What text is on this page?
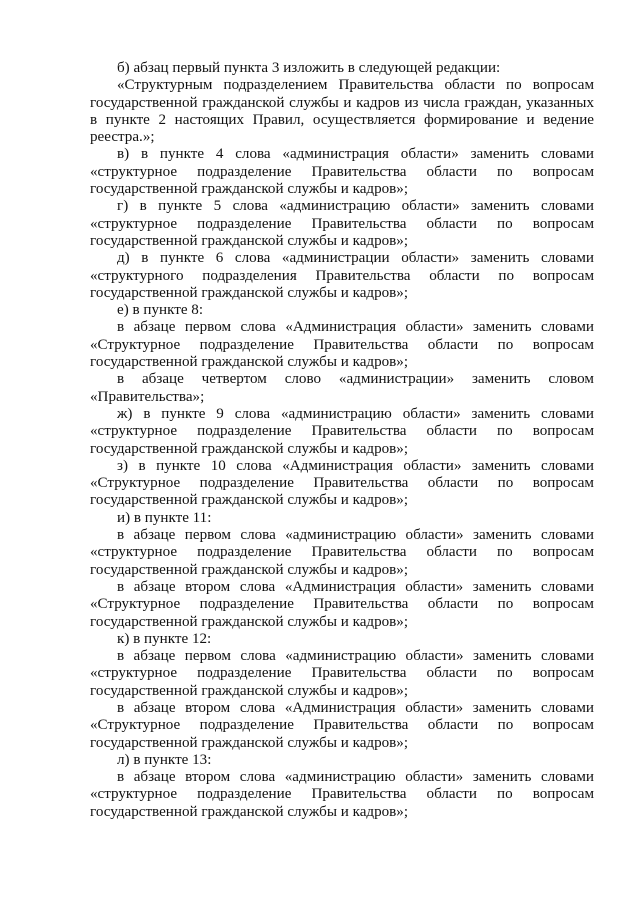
б) абзац первый пункта 3 изложить в следующей редакции:

«Структурным подразделением Правительства области по вопросам государственной гражданской службы и кадров из числа граждан, указанных в пункте 2 настоящих Правил, осуществляется формирование и ведение реестра.»;

в) в пункте 4 слова «администрация области» заменить словами «структурное подразделение Правительства области по вопросам государственной гражданской службы и кадров»;

г) в пункте 5 слова «администрацию области» заменить словами «структурное подразделение Правительства области по вопросам государственной гражданской службы и кадров»;

д) в пункте 6 слова «администрации области» заменить словами «структурного подразделения Правительства области по вопросам государственной гражданской службы и кадров»;

е) в пункте 8:

в абзаце первом слова «Администрация области» заменить словами «Структурное подразделение Правительства области по вопросам государственной гражданской службы и кадров»;

в абзаце четвертом слово «администрации» заменить словом «Правительства»;

ж) в пункте 9 слова «администрацию области» заменить словами «структурное подразделение Правительства области по вопросам государственной гражданской службы и кадров»;

з) в пункте 10 слова «Администрация области» заменить словами «Структурное подразделение Правительства области по вопросам государственной гражданской службы и кадров»;

и) в пункте 11:

в абзаце первом слова «администрацию области» заменить словами «структурное подразделение Правительства области по вопросам государственной гражданской службы и кадров»;

в абзаце втором слова «Администрация области» заменить словами «Структурное подразделение Правительства области по вопросам государственной гражданской службы и кадров»;

к) в пункте 12:

в абзаце первом слова «администрацию области» заменить словами «структурное подразделение Правительства области по вопросам государственной гражданской службы и кадров»;

в абзаце втором слова «Администрация области» заменить словами «Структурное подразделение Правительства области по вопросам государственной гражданской службы и кадров»;

л) в пункте 13:

в абзаце втором слова «администрацию области» заменить словами «структурное подразделение Правительства области по вопросам государственной гражданской службы и кадров»;
